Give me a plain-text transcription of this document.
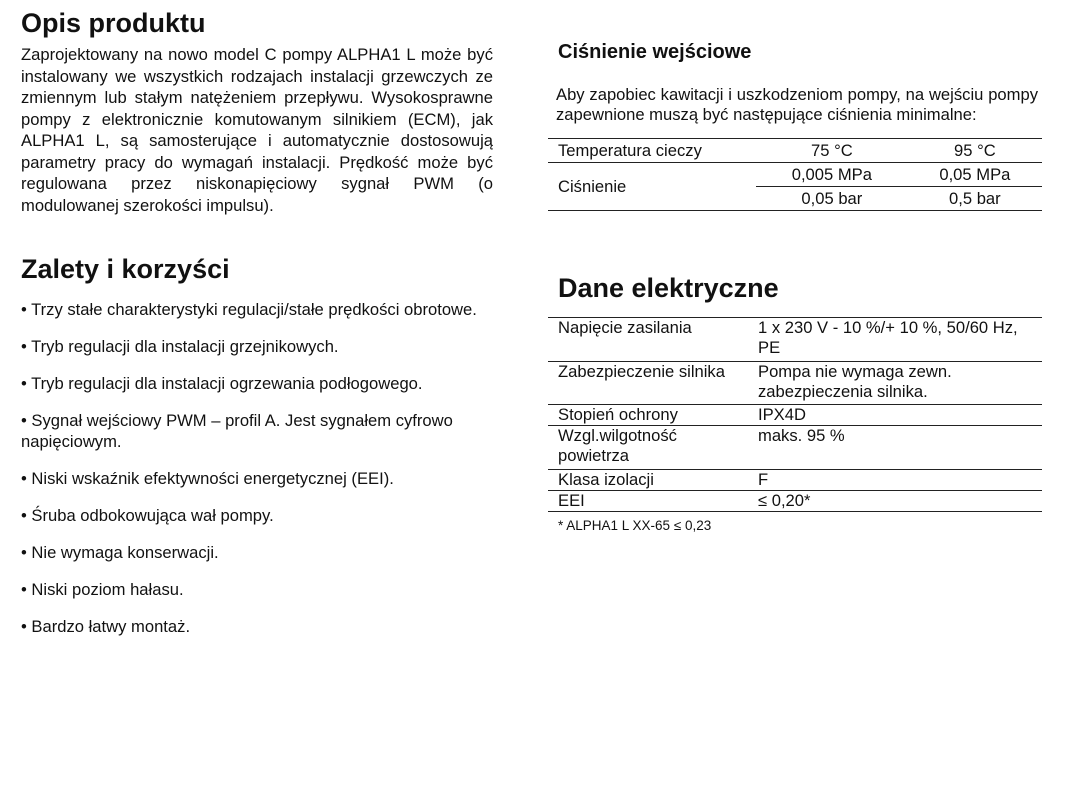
Opis produktu

Zaprojektowany na nowo model C pompy ALPHA1 L może być instalowany we wszystkich rodzajach instalacji grzewczych ze zmiennym lub stałym natężeniem przepływu. Wysokosprawne pompy z elektronicznie komutowanym silnikiem (ECM), jak ALPHA1 L, są samosterujące i automatycznie dostosowują parametry pracy do wymagań instalacji. Prędkość może być regulowana przez niskonapięciowy sygnał PWM (o modulowanej szerokości impulsu).

Zalety i korzyści
• Trzy stałe charakterystyki regulacji/stałe prędkości obrotowe.
• Tryb regulacji dla instalacji grzejnikowych.
• Tryb regulacji dla instalacji ogrzewania podłogowego.
• Sygnał wejściowy PWM – profil A. Jest sygnałem cyfrowo napięciowym.
• Niski wskaźnik efektywności energetycznej (EEI).
• Śruba odbokowująca wał pompy.
• Nie wymaga konserwacji.
• Niski poziom hałasu.
• Bardzo łatwy montaż.
Ciśnienie wejściowe

Aby zapobiec kawitacji i uszkodzeniom pompy, na wejściu pompy zapewnione muszą być następujące ciśnienia minimalne:

Temperatura cieczy	75 °C	95 °C
Ciśnienie	0,005 MPa	0,05 MPa
	0,05 bar	0,5 bar
Dane elektryczne
Napięcie zasilania	1 x 230 V - 10 %/+ 10 %, 50/60 Hz, PE
Zabezpieczenie silnika	Pompa nie wymaga zewn. zabezpieczenia silnika.
Stopień ochrony	IPX4D
Wzgl.wilgotność powietrza	maks. 95 %
Klasa izolacji	F
EEI	≤ 0,20*
* ALPHA1 L XX-65 ≤ 0,23
